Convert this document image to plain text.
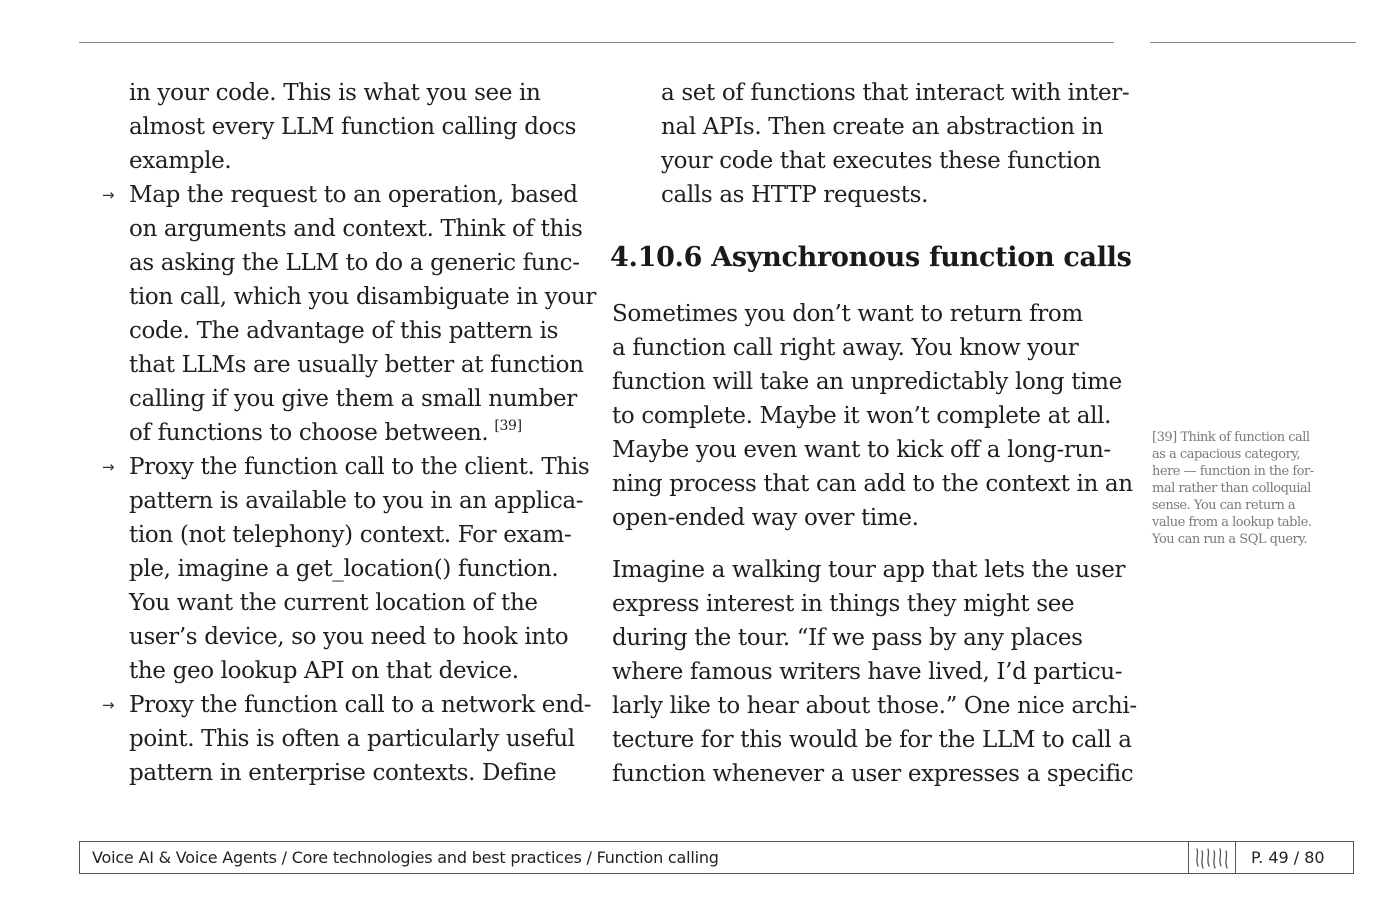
in your code. This is what you see in
almost every LLM function calling docs
example.
→ Map the request to an operation, based
on arguments and context. Think of this
as asking the LLM to do a generic func-
tion call, which you disambiguate in your
code. The advantage of this pattern is
that LLMs are usually better at function
calling if you give them a small number
of functions to choose between. [39]
→ Proxy the function call to the client. This
pattern is available to you in an applica-
tion (not telephony) context. For exam-
ple, imagine a get_location() function.
You want the current location of the
user’s device, so you need to hook into
the geo lookup API on that device.
→ Proxy the function call to a network end-
point. This is often a particularly useful
pattern in enterprise contexts. Define
a set of functions that interact with inter-
nal APIs. Then create an abstraction in
your code that executes these function
calls as HTTP requests.
4.10.6 Asynchronous function calls
Sometimes you don’t want to return from
a function call right away. You know your
function will take an unpredictably long time
to complete. Maybe it won’t complete at all.
Maybe you even want to kick off a long-run-
ning process that can add to the context in an
open-ended way over time.
Imagine a walking tour app that lets the user
express interest in things they might see
during the tour. “If we pass by any places
where famous writers have lived, I’d particu-
larly like to hear about those.” One nice archi-
tecture for this would be for the LLM to call a
function whenever a user expresses a specific
[39] Think of function call
as a capacious category,
here — function in the for-
mal rather than colloquial
sense. You can return a
value from a lookup table.
You can run a SQL query.
Voice AI & Voice Agents / Core technologies and best practices / Function calling	P. 49 / 80
